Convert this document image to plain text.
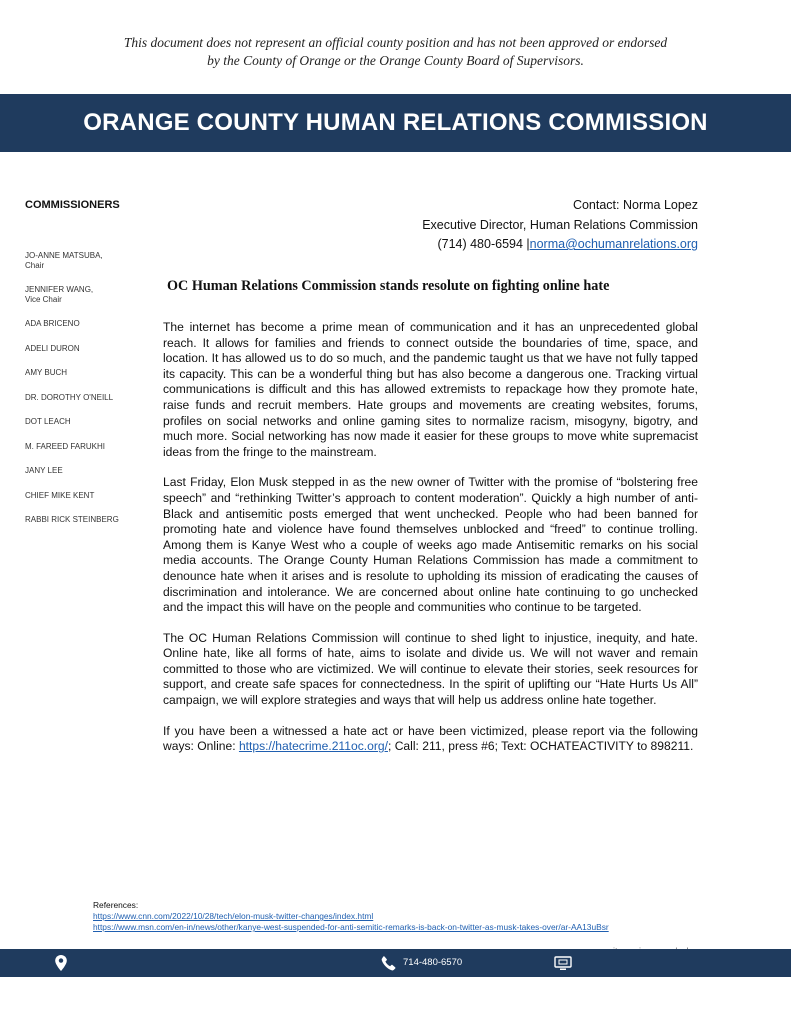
This document does not represent an official county position and has not been approved or endorsed
by the County of Orange or the Orange County Board of Supervisors.
ORANGE COUNTY HUMAN RELATIONS COMMISSION
COMMISSIONERS
JO-ANNE MATSUBA,
Chair
JENNIFER WANG,
Vice Chair
ADA BRICENO
ADELI DURON
AMY BUCH
DR. DOROTHY O'NEILL
DOT LEACH
M. FAREED FARUKHI
JANY LEE
CHIEF MIKE KENT
RABBI RICK STEINBERG
Contact: Norma Lopez
Executive Director, Human Relations Commission
(714) 480-6594 |norma@ochumanrelations.org
OC Human Relations Commission stands resolute on fighting online hate

The internet has become a prime mean of communication and it has an unprecedented global reach. It allows for families and friends to connect outside the boundaries of time, space, and location. It has allowed us to do so much, and the pandemic taught us that we have not fully tapped its capacity. This can be a wonderful thing but has also become a dangerous one. Tracking virtual communications is difficult and this has allowed extremists to repackage how they promote hate, raise funds and recruit members. Hate groups and movements are creating websites, forums, profiles on social networks and online gaming sites to normalize racism, misogyny, bigotry, and much more. Social networking has now made it easier for these groups to move white supremacist ideas from the fringe to the mainstream.

Last Friday, Elon Musk stepped in as the new owner of Twitter with the promise of “bolstering free speech” and “rethinking Twitter’s approach to content moderation”. Quickly a high number of anti-Black and antisemitic posts emerged that went unchecked. People who had been banned for promoting hate and violence have found themselves unblocked and “freed” to continue trolling. Among them is Kanye West who a couple of weeks ago made Antisemitic remarks on his social media accounts. The Orange County Human Relations Commission has made a commitment to denounce hate when it arises and is resolute to upholding its mission of eradicating the causes of discrimination and intolerance. We are concerned about online hate continuing to go unchecked and the impact this will have on the people and communities who continue to be targeted.

The OC Human Relations Commission will continue to shed light to injustice, inequity, and hate. Online hate, like all forms of hate, aims to isolate and divide us. We will not waver and remain committed to those who are victimized. We will continue to elevate their stories, seek resources for support, and create safe spaces for connectedness. In the spirit of uplifting our “Hate Hurts Us All” campaign, we will explore strategies and ways that will help us address online hate together.

If you have been a witnessed a hate act or have been victimized, please report via the following ways: Online: https://hatecrime.211oc.org/; Call: 211, press #6; Text: OCHATEACTIVITY to 898211.

References:
https://www.cnn.com/2022/10/28/tech/elon-musk-twitter-changes/index.html
https://www.msn.com/en-in/news/other/kanye-west-suspended-for-anti-semitic-remarks-is-back-on-twitter-as-musk-takes-over/ar-AA13uBsr
714-480-6570
